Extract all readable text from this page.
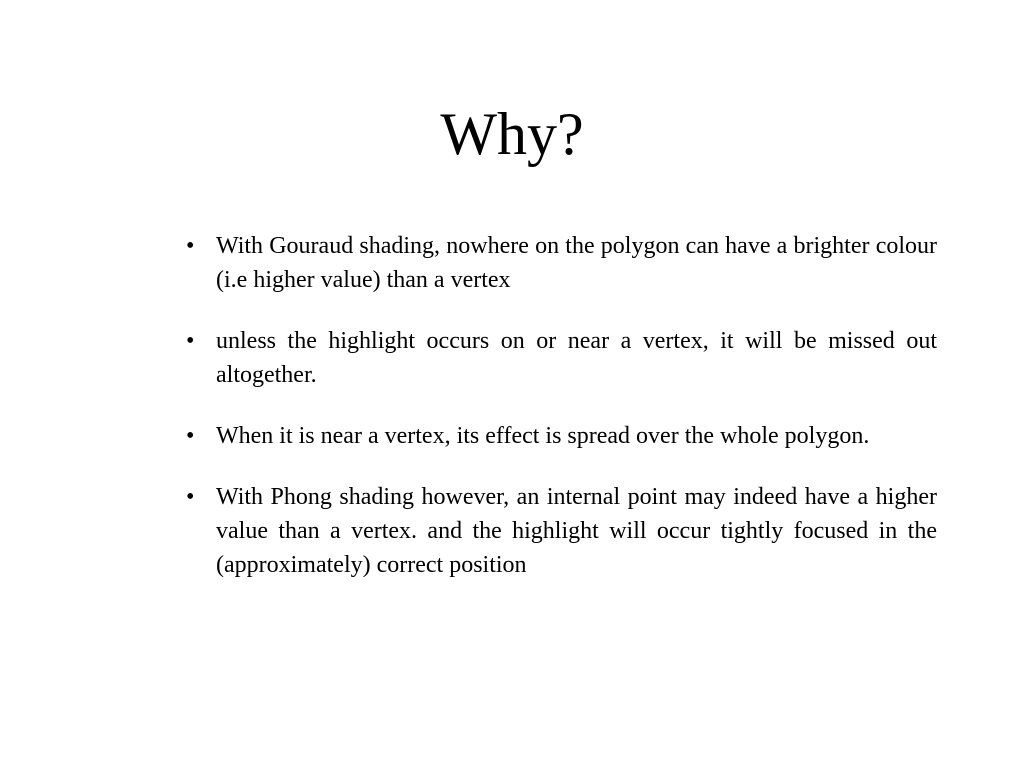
Why?
• With Gouraud shading, nowhere on the polygon can have a brighter colour (i.e higher value) than a vertex
• unless the highlight occurs on or near a vertex, it will be missed out altogether.
• When it is near a vertex, its effect is spread over the whole polygon.
• With Phong shading however, an internal point may indeed have a higher value than a vertex. and the highlight will occur tightly focused in the (approximately) correct position
